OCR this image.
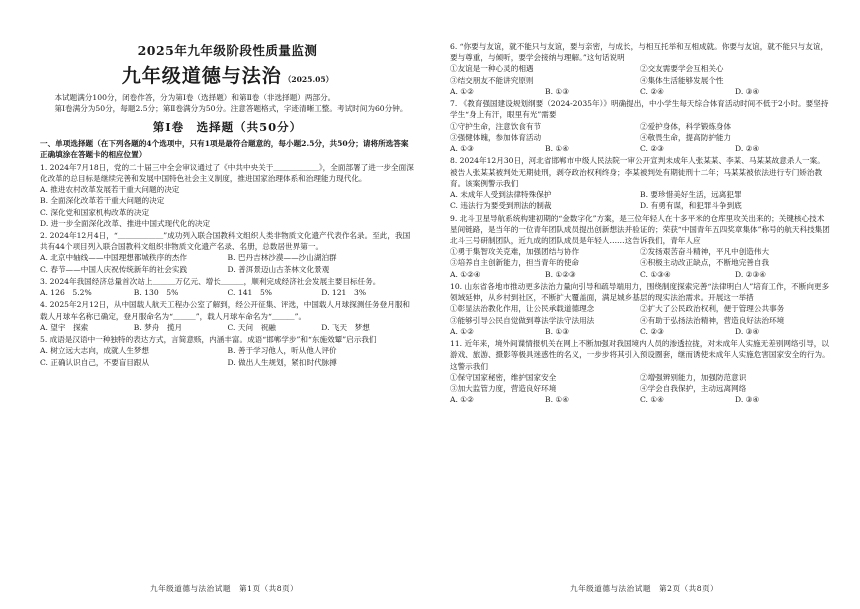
2025年九年级阶段性质量监测
九年级道德与法治 （2025.05）
本试题满分100分，闭卷作答，分为第Ⅰ卷（选择题）和第Ⅱ卷（非选择题）两部分。
第Ⅰ卷满分为50分，每题2.5分；第Ⅱ卷满分为50分。注意答题格式，字迹清晰工整。考试时间为60分钟。
第Ⅰ卷　选择题（共50分）
一、单项选择题（在下列各题的4个选项中，只有1项是最符合题意的，每小题2.5分，共50分；请将所选答案正确填涂在答题卡的相应位置）
1. 2024年7月18日，党的二十届三中全会审议通过了《中共中央关于＿＿＿＿＿＿》，全面部署了进一步全面深化改革的总目标是继续完善和发展中国特色社会主义制度，推进国家治理体系和治理能力现代化。
A. 推进农村改革发展若干重大问题的决定
B. 全面深化改革若干重大问题的决定
C. 深化党和国家机构改革的决定
D. 进一步全面深化改革、推进中国式现代化的决定
2. 2024年12月4日，“＿＿＿＿＿＿”成功列入联合国教科文组织人类非物质文化遗产代表作名录。至此，我国共有44个项目列入联合国教科文组织非物质文化遗产名录、名册，总数居世界第一。
A. 北京中轴线——中国理想都城秩序的杰作	B. 巴丹吉林沙漠——沙山湖泊群
C. 春节——中国人庆祝传统新年的社会实践	D. 普洱景迈山古茶林文化景观
3. 2024年我国经济总量首次站上＿＿＿万亿元、增长＿＿＿，顺利完成经济社会发展主要目标任务。
A. 126　5.2%	B. 130　5%	C. 141　5%	D. 121　3%
4. 2025年2月12日，从中国载人航天工程办公室了解到，经公开征集、评选，中国载人月球探测任务登月服和载人月球车名称已确定，登月服命名为“＿＿＿”，载人月球车命名为“＿＿＿”。
A. 望宇　探索	B. 梦舟　揽月	C. 天问　祝融	D. 飞天　梦想
5. 成语是汉语中一种独特的表达方式，言简意赅，内涵丰富。成语“邯郸学步”和“东施效颦”启示我们
A. 树立远大志向，成就人生梦想	B. 善于学习他人，听从他人评价
C. 正确认识自己，不要盲目跟从	D. 做出人生规划，紧扣时代脉搏
6. “你要与友谊，就不能只与友谊，要与亲密，与成长，与相互托举和互相成就。你要与友谊，就不能只与友谊，要与尊重，与倾听，要学会接纳与理解。”这句话说明
①友谊是一种心灵的相遇	②交友需要学会互相关心
③结交朋友不能讲究原则	④集体生活能够发展个性
A. ①②	B. ①③	C. ②④	D. ③④
7. 《教育强国建设规划纲要（2024-2035年）》明确提出，中小学生每天综合体育活动时间不低于2小时。要坚持学生“身上有汗，眼里有光”需要
①守护生命，注意饮食有节	②爱护身体，科学锻炼身体
③强健体魄，参加体育活动	④敬畏生命，提高防护能力
A. ①③	B. ①④	C. ②③	D. ②④
8. 2024年12月30日，河北省邯郸市中级人民法院一审公开宣判未成年人张某某、李某、马某某故意杀人一案。被告人张某某被判处无期徒刑，剥夺政治权利终身；李某被判处有期徒刑十二年；马某某被依法进行专门矫治教育。该案例警示我们
A. 未成年人受到法律特殊保护	B. 要珍惜美好生活，远离犯罪
C. 违法行为要受到刑法的制裁	D. 有勇有谋，和犯罪斗争到底
9. 北斗卫星导航系统构建初期的“金数字化”方案，是三位年轻人在十多平米的仓库里攻关出来的；关键核心技术星间链路，是当年的一位青年团队成员提出创新想法并验证的；荣获“中国青年五四奖章集体”称号的航天科技集团北斗三号研制团队，近九成的团队成员是年轻人……这告诉我们，青年人应
①勇于集智攻关克难，加强团结与协作	②发扬艰苦奋斗精神，平凡中创造伟大
③培养自主创新能力，担当青年的使命	④积极主动改正缺点，不断地完善自我
A. ①②④	B. ①②③	C. ①③④	D. ②③④
10. 山东省各地市推动更多法治力量向引导和疏导端用力，围绕制度探索完善“法律明白人”培育工作，不断向更多领域延伸，从乡村到社区，不断扩大覆盖面，满足城乡基层的现实法治需求。开展这一举措
①彰显法治教化作用，让公民承载道德理念	②扩大了公民政治权利，便于管理公共事务
③能够引导公民自觉做到尊法学法守法用法	④有助于弘扬法治精神，营造良好法治环境
A. ①②	B. ①③	C. ②③	D. ③④
11. 近年来，境外间谍情报机关在网上不断加强对我国境内人员的渗透拉拢，对未成年人实施无差别网络引导，以游戏、旅游、摄影等极具迷惑性的名义，一步步将其引入预设圈套，继而诱使未成年人实施危害国家安全的行为。这警示我们
①保守国家秘密，维护国家安全	②增强辨别能力，加强防范意识
③加大监管力度，营造良好环境	④学会自我保护，主动远离网络
A. ①②	B. ①④	C. ①④	D. ③④
九年级道德与法治试题　第1页（共8页）	九年级道德与法治试题　第2页（共8页）
